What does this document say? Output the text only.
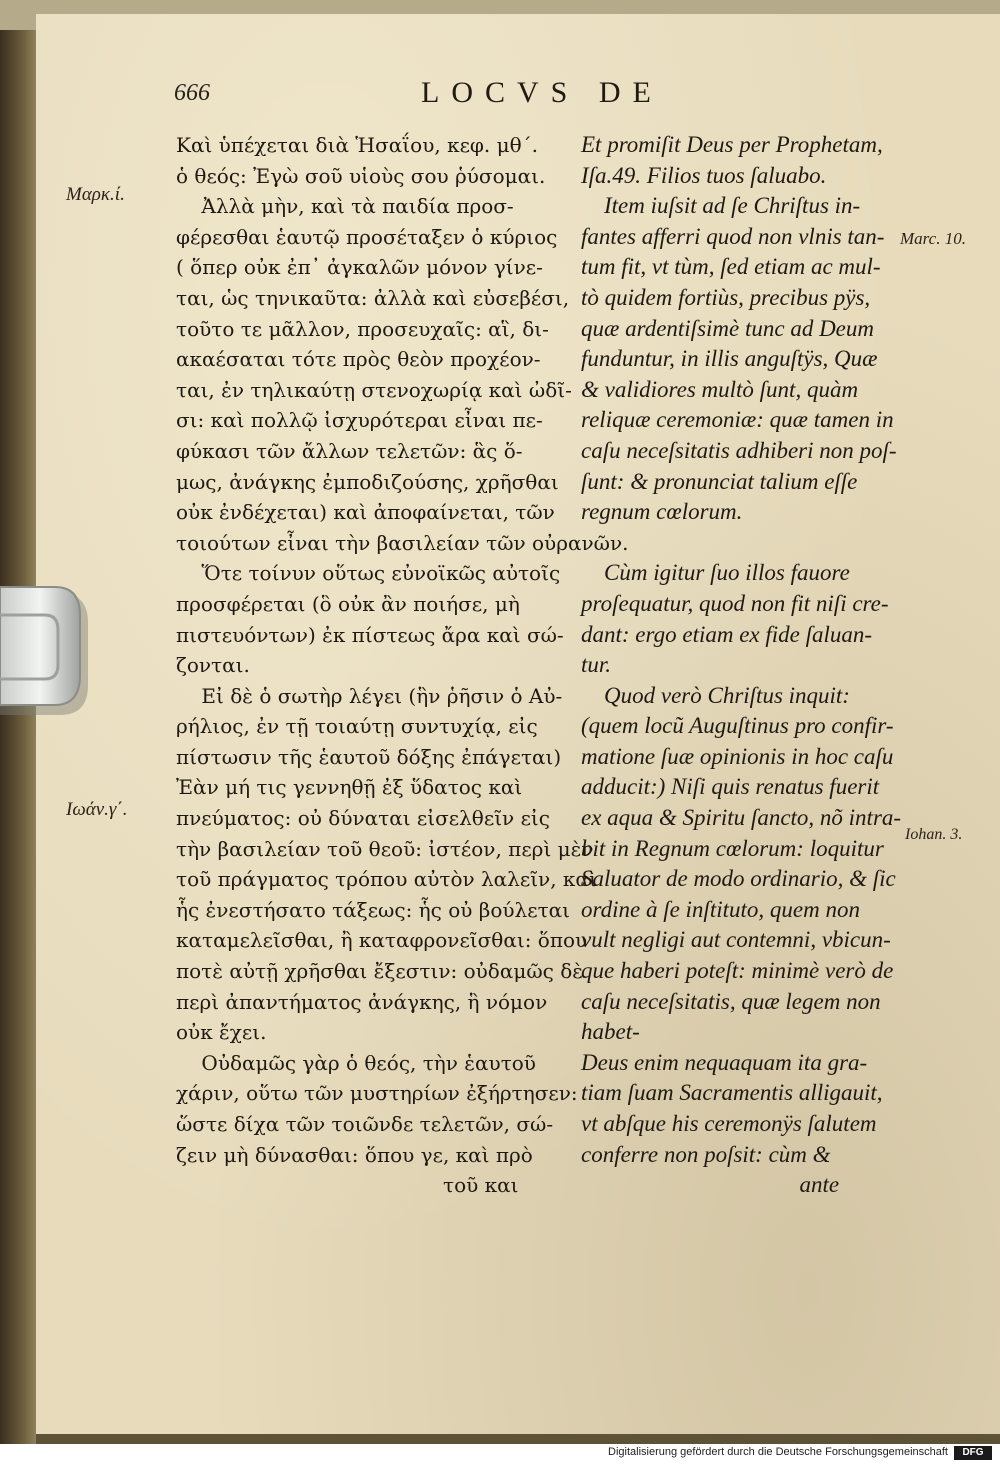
666	LOCVS DE
Καὶ ὑπέχεται διὰ Ἡσαΐου, κεφ. μθ΄.
ὁ θεός: Ἐγὼ σοῦ υἱοὺς σου ῥύσομαι.
Ἀλλὰ μὴν, καὶ τὰ παιδία προσ-
φέρεσθαι ἑαυτῷ προσέταξεν ὁ κύριος
( ὅπερ οὐκ ἐπ᾿ ἀγκαλῶν μόνον γίνε-
ται, ὡς τηνικαῦτα: ἀλλὰ καὶ εὐσεβέσι,
τοῦτο τε μᾶλλον, προσευχαῖς: αἳ, δι-
ακαέσαται τότε πρὸς θεὸν προχέον-
ται, ἐν τηλικαύτῃ στενοχωρίᾳ καὶ ὠδῖ-
σι: καὶ πολλῷ ἰσχυρότεραι εἶναι πε-
φύκασι τῶν ἄλλων τελετῶν: ἃς ὅ-
μως, ἀνάγκης ἐμποδιζούσης, χρῆσθαι
οὐκ ἐνδέχεται) καὶ ἀποφαίνεται, τῶν
τοιούτων εἶναι τὴν βασιλείαν τῶν οὐρανῶν.
Ὅτε τοίνυν οὕτως εὐνοϊκῶς αὐτοῖς
προσφέρεται (ὃ οὐκ ἂν ποιήσε, μὴ
πιστευόντων) ἐκ πίστεως ἄρα καὶ σώ-
ζονται.
Εἰ δὲ ὁ σωτὴρ λέγει (ἣν ῥῆσιν ὁ Αὐ-
ρήλιος, ἐν τῇ τοιαύτῃ συντυχίᾳ, εἰς
πίστωσιν τῆς ἑαυτοῦ δόξης ἐπάγεται)
Ἐὰν μή τις γεννηθῇ ἐξ ὕδατος καὶ
πνεύματος: οὐ δύναται εἰσελθεῖν εἰς
τὴν βασιλείαν τοῦ θεοῦ: ἰστέον, περὶ μὲν
τοῦ πράγματος τρόπου αὐτὸν λαλεῖν, καὶ
ἧς ἐνεστήσατο τάξεως: ἧς οὐ βούλεται
καταμελεῖσθαι, ἢ καταφρονεῖσθαι: ὅπου
ποτὲ αὐτῇ χρῆσθαι ἔξεστιν: οὐδαμῶς δὲ
περὶ ἀπαντήματος ἀνάγκης, ἣ νόμον
οὐκ ἔχει.
Οὐδαμῶς γὰρ ὁ θεός, τὴν ἑαυτοῦ
χάριν, οὕτω τῶν μυστηρίων ἐξήρτησεν:
ὥστε δίχα τῶν τοιῶνδε τελετῶν, σώ-
ζειν μὴ δύνασθαι: ὅπου γε, καὶ πρὸ
τοῦ και
Et promiſit Deus per Prophetam,
Iſa.49. Filios tuos ſaluabo.
Item iuſsit ad ſe Chriſtus in-
fantes afferri quod non vlnis tan-
tum fit, vt tùm, ſed etiam ac mul-
tò quidem fortiùs, precibus pÿs,
quæ ardentiſsimè tunc ad Deum
funduntur, in illis anguſtÿs, Quæ
& validiores multò ſunt, quàm
reliquæ ceremoniæ: quæ tamen in
caſu neceſsitatis adhiberi non poſ-
ſunt: & pronunciat talium eſſe
regnum cœlorum.
Cùm igitur ſuo illos fauore
proſequatur, quod non fit niſi cre-
dant: ergo etiam ex fide ſaluan-
tur.
Quod verò Chriſtus inquit:
(quem locũ Auguſtinus pro confir-
matione ſuæ opinionis in hoc caſu
adducit:) Niſi quis renatus fuerit
ex aqua & Spiritu ſancto, nõ intra-
bit in Regnum cœlorum: loquitur
Saluator de modo ordinario, & ſic
ordine à ſe inſtituto, quem non
vult negligi aut contemni, vbicun-
que haberi poteſt: minimè verò de
caſu neceſsitatis, quæ legem non
habet-
Deus enim nequaquam ita gra-
tiam ſuam Sacramentis alligauit,
vt abſque his ceremonÿs ſalutem
conferre non poſsit: cùm &
ante
Μαρκ.ί.
Ιωάν.γ΄.
Marc. 10.
Iohan. 3.
Digitalisierung gefördert durch die Deutsche Forschungsgemeinschaft	DFG
